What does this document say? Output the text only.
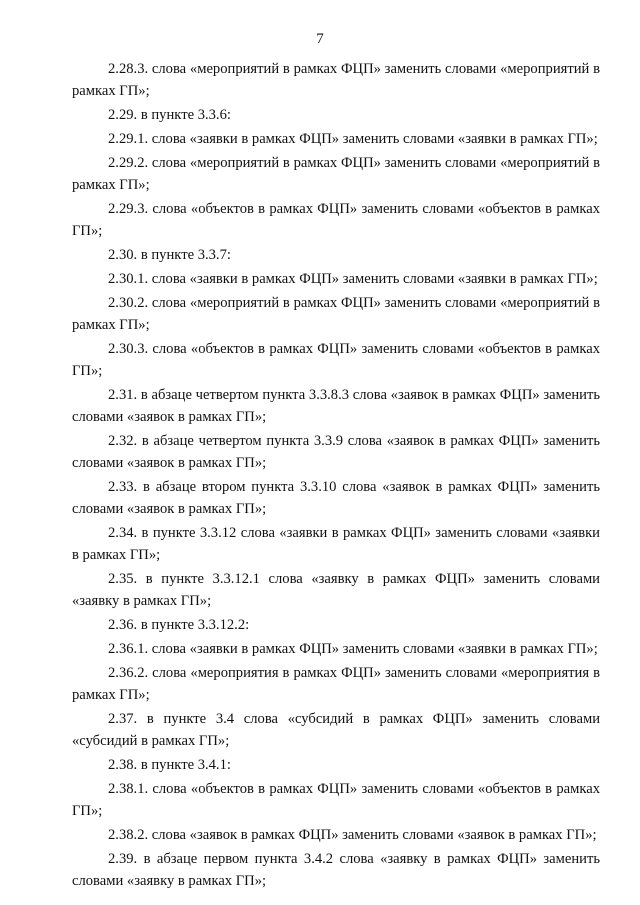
7

2.28.3. слова «мероприятий в рамках ФЦП» заменить словами «мероприятий в рамках ГП»;

2.29. в пункте 3.3.6:

2.29.1. слова «заявки в рамках ФЦП» заменить словами «заявки в рамках ГП»;

2.29.2. слова «мероприятий в рамках ФЦП» заменить словами «мероприятий в рамках ГП»;

2.29.3. слова «объектов в рамках ФЦП» заменить словами «объектов в рамках ГП»;

2.30. в пункте 3.3.7:

2.30.1. слова «заявки в рамках ФЦП» заменить словами «заявки в рамках ГП»;

2.30.2. слова «мероприятий в рамках ФЦП» заменить словами «мероприятий в рамках ГП»;

2.30.3. слова «объектов в рамках ФЦП» заменить словами «объектов в рамках ГП»;

2.31. в абзаце четвертом пункта 3.3.8.3 слова «заявок в рамках ФЦП» заменить словами «заявок в рамках ГП»;

2.32. в абзаце четвертом пункта 3.3.9 слова «заявок в рамках ФЦП» заменить словами «заявок в рамках ГП»;

2.33. в абзаце втором пункта 3.3.10 слова «заявок в рамках ФЦП» заменить словами «заявок в рамках ГП»;

2.34. в пункте 3.3.12 слова «заявки в рамках ФЦП» заменить словами «заявки в рамках ГП»;

2.35. в пункте 3.3.12.1 слова «заявку в рамках ФЦП» заменить словами «заявку в рамках ГП»;

2.36. в пункте 3.3.12.2:

2.36.1. слова «заявки в рамках ФЦП» заменить словами «заявки в рамках ГП»;

2.36.2. слова «мероприятия в рамках ФЦП» заменить словами «мероприятия в рамках ГП»;

2.37. в пункте 3.4 слова «субсидий в рамках ФЦП» заменить словами «субсидий в рамках ГП»;

2.38. в пункте 3.4.1:

2.38.1. слова «объектов в рамках ФЦП» заменить словами «объектов в рамках ГП»;

2.38.2. слова «заявок в рамках ФЦП» заменить словами «заявок в рамках ГП»;

2.39. в абзаце первом пункта 3.4.2 слова «заявку в рамках ФЦП» заменить словами «заявку в рамках ГП»;
